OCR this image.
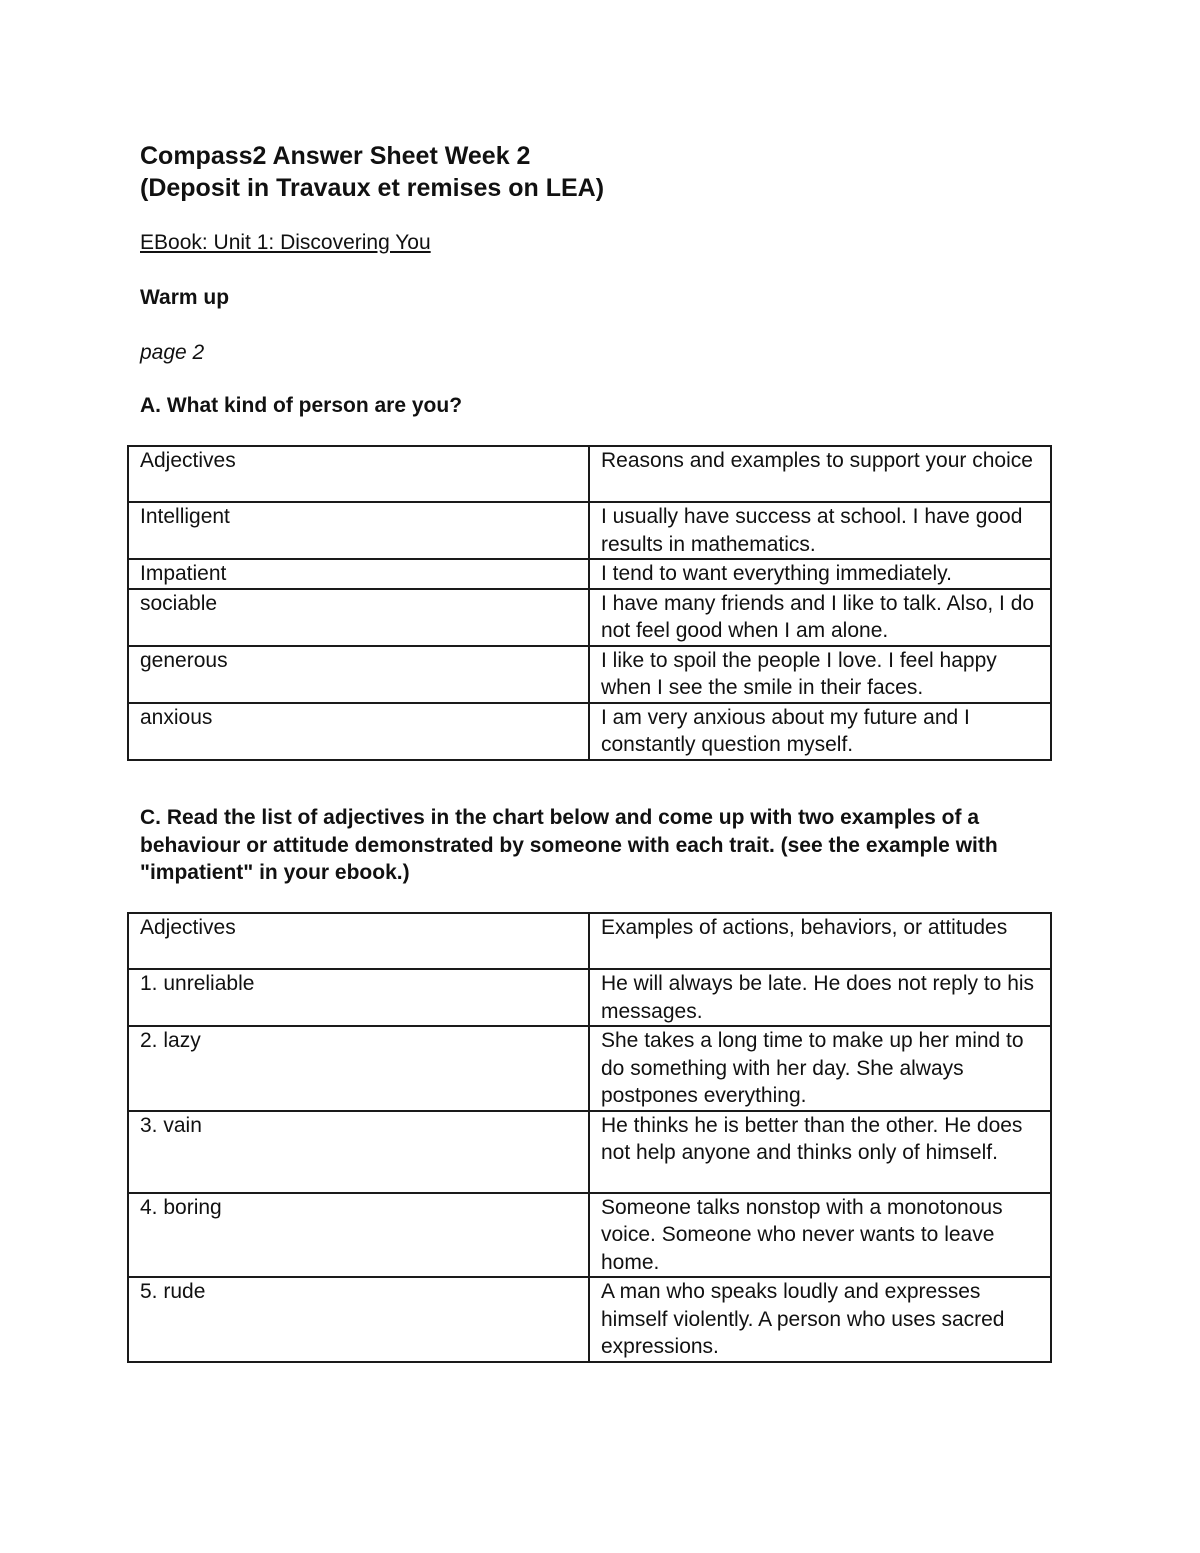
Compass2 Answer Sheet Week 2
(Deposit in Travaux et remises on LEA)
EBook: Unit 1: Discovering You
Warm up
page 2
A. What kind of person are you?
Adjectives	Reasons and examples to support your choice
Intelligent	I usually have success at school. I have good results in mathematics.
Impatient	I tend to want everything immediately.
sociable	I have many friends and I like to talk. Also, I do not feel good when I am alone.
generous	I like to spoil the people I love. I feel happy when I see the smile in their faces.
anxious	I am very anxious about my future and I constantly question myself.
C. Read the list of adjectives in the chart below and come up with two examples of a behaviour or attitude demonstrated by someone with each trait. (see the example with "impatient" in your ebook.)
Adjectives	Examples of actions, behaviors, or attitudes
1. unreliable	He will always be late. He does not reply to his messages.
2. lazy	She takes a long time to make up her mind to do something with her day. She always postpones everything.
3. vain	He thinks he is better than the other. He does not help anyone and thinks only of himself.
4. boring	Someone talks nonstop with a monotonous voice. Someone who never wants to leave home.
5. rude	A man who speaks loudly and expresses himself violently. A person who uses sacred expressions.
